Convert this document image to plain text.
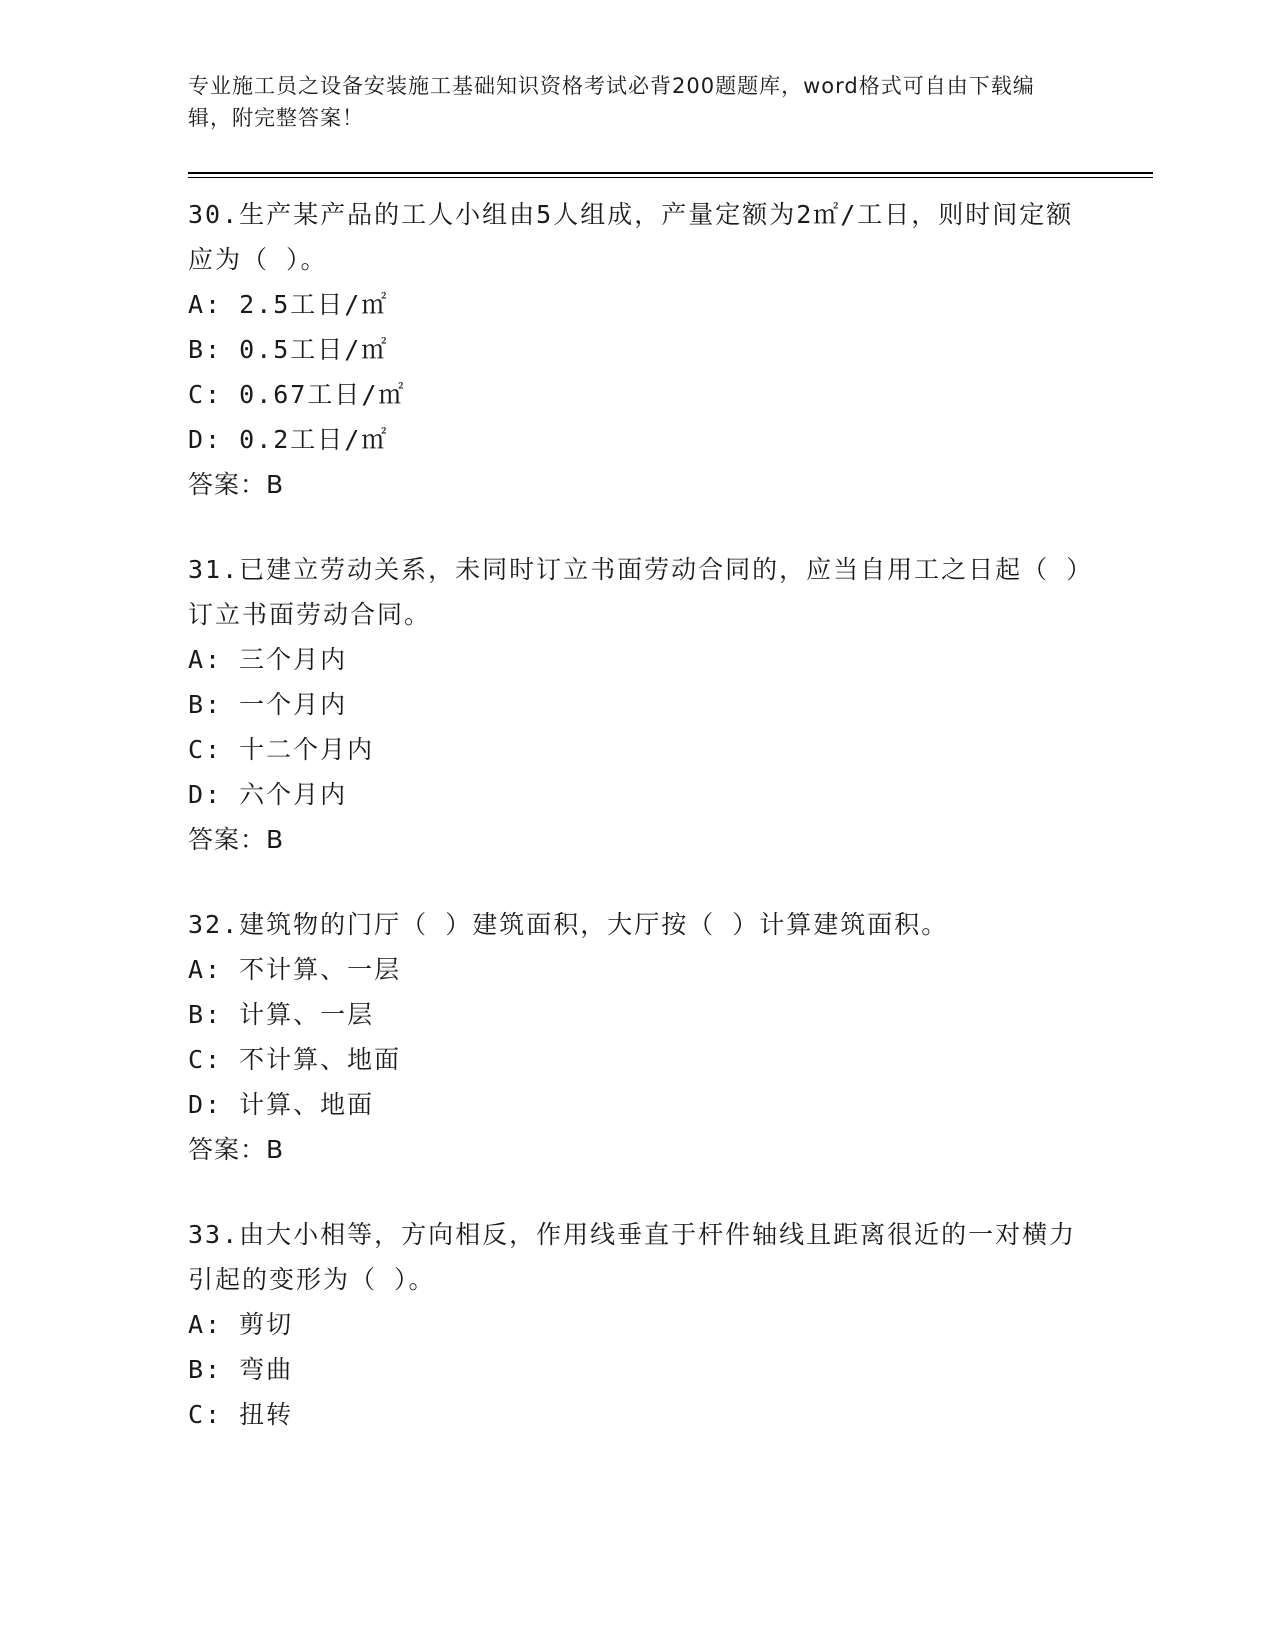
专业施工员之设备安装施工基础知识资格考试必背200题题库，word格式可自由下载编辑，附完整答案！

30.生产某产品的工人小组由5人组成，产量定额为2㎡/工日，则时间定额应为（ ）。

A: 2.5工日/㎡

B: 0.5工日/㎡

C: 0.67工日/㎡

D: 0.2工日/㎡

答案：B

31.已建立劳动关系，未同时订立书面劳动合同的，应当自用工之日起（ ）订立书面劳动合同。

A: 三个月内

B: 一个月内

C: 十二个月内

D: 六个月内

答案：B

32.建筑物的门厅（ ）建筑面积，大厅按（ ）计算建筑面积。

A: 不计算、一层

B: 计算、一层

C: 不计算、地面

D: 计算、地面

答案：B

33.由大小相等，方向相反，作用线垂直于杆件轴线且距离很近的一对横力引起的变形为（ ）。

A: 剪切

B: 弯曲

C: 扭转
